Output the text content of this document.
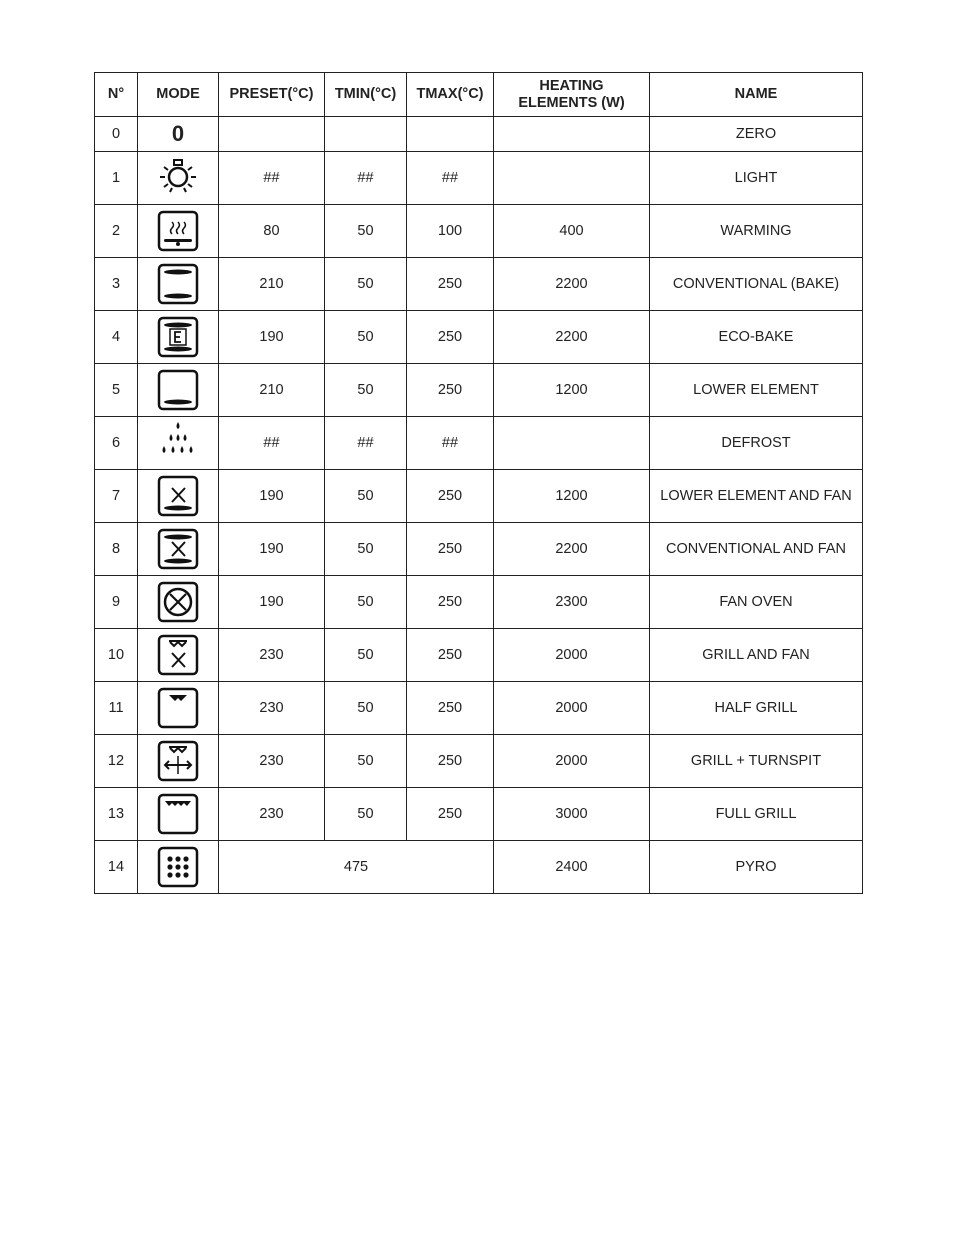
N°	MODE	PRESET(°C)	TMIN(°C)	TMAX(°C)	HEATING
ELEMENTS (W)	NAME
0	0					ZERO
1		##	##	##		LIGHT
2		80	50	100	400	WARMING
3		210	50	250	2200	CONVENTIONAL (BAKE)
4		190	50	250	2200	ECO-BAKE
5		210	50	250	1200	LOWER ELEMENT
6		##	##	##		DEFROST
7		190	50	250	1200	LOWER ELEMENT AND FAN
8		190	50	250	2200	CONVENTIONAL AND FAN
9		190	50	250	2300	FAN OVEN
10		230	50	250	2000	GRILL AND FAN
11		230	50	250	2000	HALF GRILL
12		230	50	250	2000	GRILL + TURNSPIT
13		230	50	250	3000	FULL GRILL
14		475			2400	PYRO
